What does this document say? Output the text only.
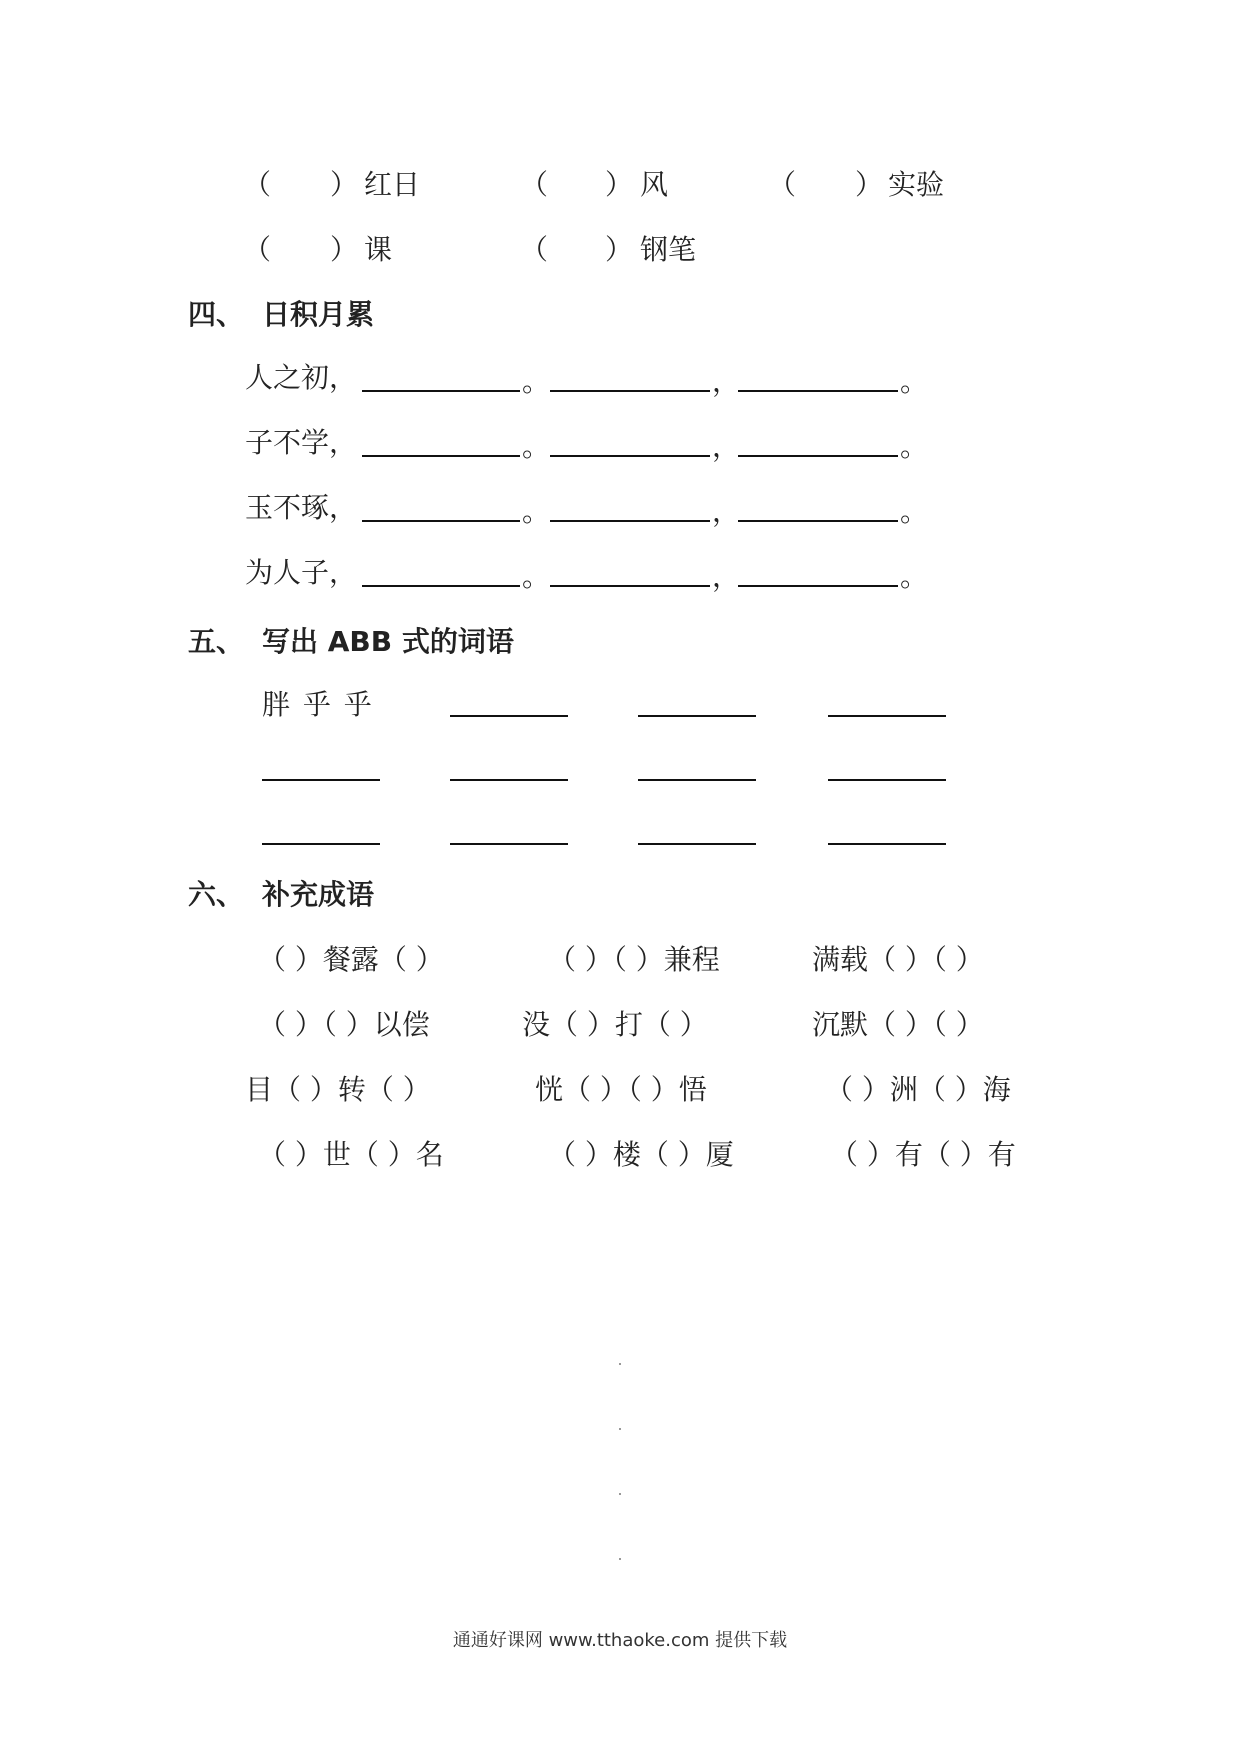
（ ） 红日	（ ） 风	（ ） 实验
（ ） 课	（ ） 钢笔
四、 日积月累
人之初，	。	，	。
子不学，	。	，	。
玉不琢，	。	，	。
为人子，	。	，	。
五、 写出 ABB 式的词语
胖 乎 乎
六、 补充成语
（ ）餐露（ ）	（ ）（ ）兼程	满载（ ）（ ）
（ ）（ ）以偿	没（ ）打（ ）	沉默（ ）（ ）
目（ ）转（ ）	恍（ ）（ ）悟	（ ）洲（ ）海
（ ）世（ ）名	（ ）楼（ ）厦	（ ）有（ ）有
通通好课网 www.tthaoke.com 提供下载
